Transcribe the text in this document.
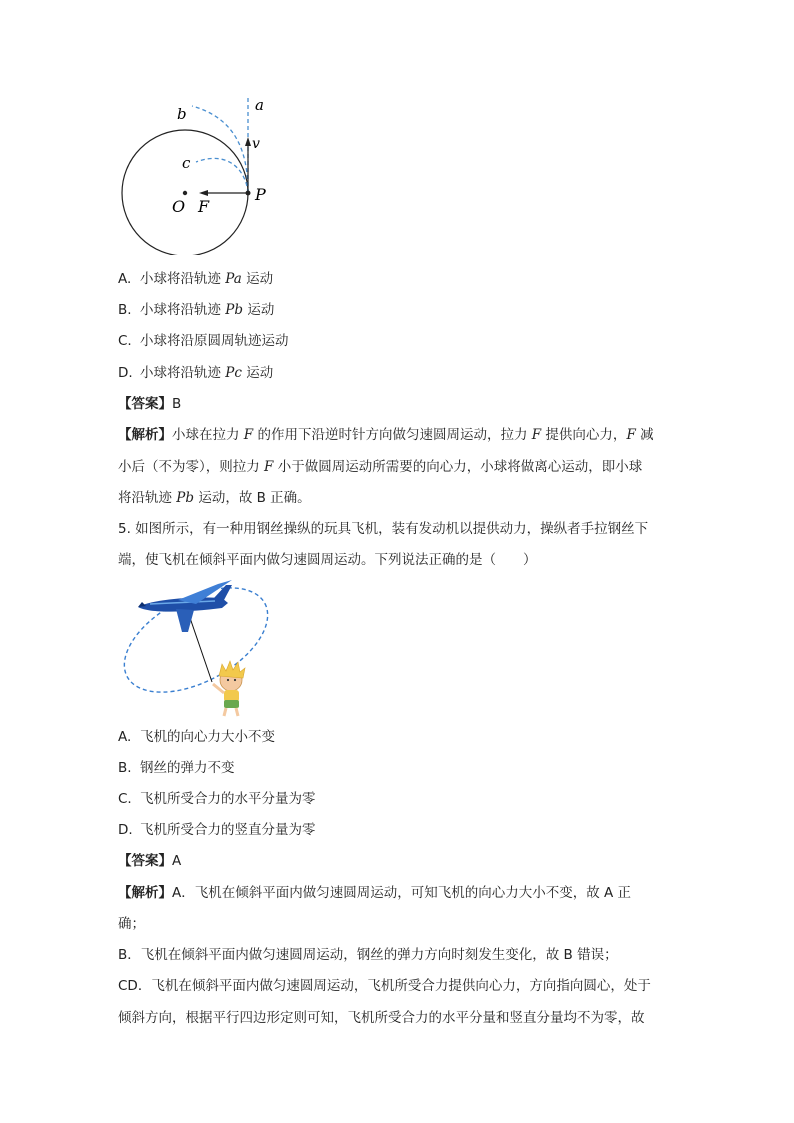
a
b
c
v
O F
P
A. 小球将沿轨迹 Pa 运动
B. 小球将沿轨迹 Pb 运动
C. 小球将沿原圆周轨迹运动
D. 小球将沿轨迹 Pc 运动
【答案】B
【解析】小球在拉力 F 的作用下沿逆时针方向做匀速圆周运动，拉力 F 提供向心力，F 减
小后（不为零），则拉力 F 小于做圆周运动所需要的向心力，小球将做离心运动，即小球
将沿轨迹 Pb 运动，故 B 正确。
5. 如图所示，有一种用钢丝操纵的玩具飞机，装有发动机以提供动力，操纵者手拉钢丝下
端，使飞机在倾斜平面内做匀速圆周运动。下列说法正确的是（　　）
A. 飞机的向心力大小不变
B. 钢丝的弹力不变
C. 飞机所受合力的水平分量为零
D. 飞机所受合力的竖直分量为零
【答案】A
【解析】A．飞机在倾斜平面内做匀速圆周运动，可知飞机的向心力大小不变，故 A 正
确；
B．飞机在倾斜平面内做匀速圆周运动，钢丝的弹力方向时刻发生变化，故 B 错误；
CD．飞机在倾斜平面内做匀速圆周运动，飞机所受合力提供向心力，方向指向圆心，处于
倾斜方向，根据平行四边形定则可知，飞机所受合力的水平分量和竖直分量均不为零，故
